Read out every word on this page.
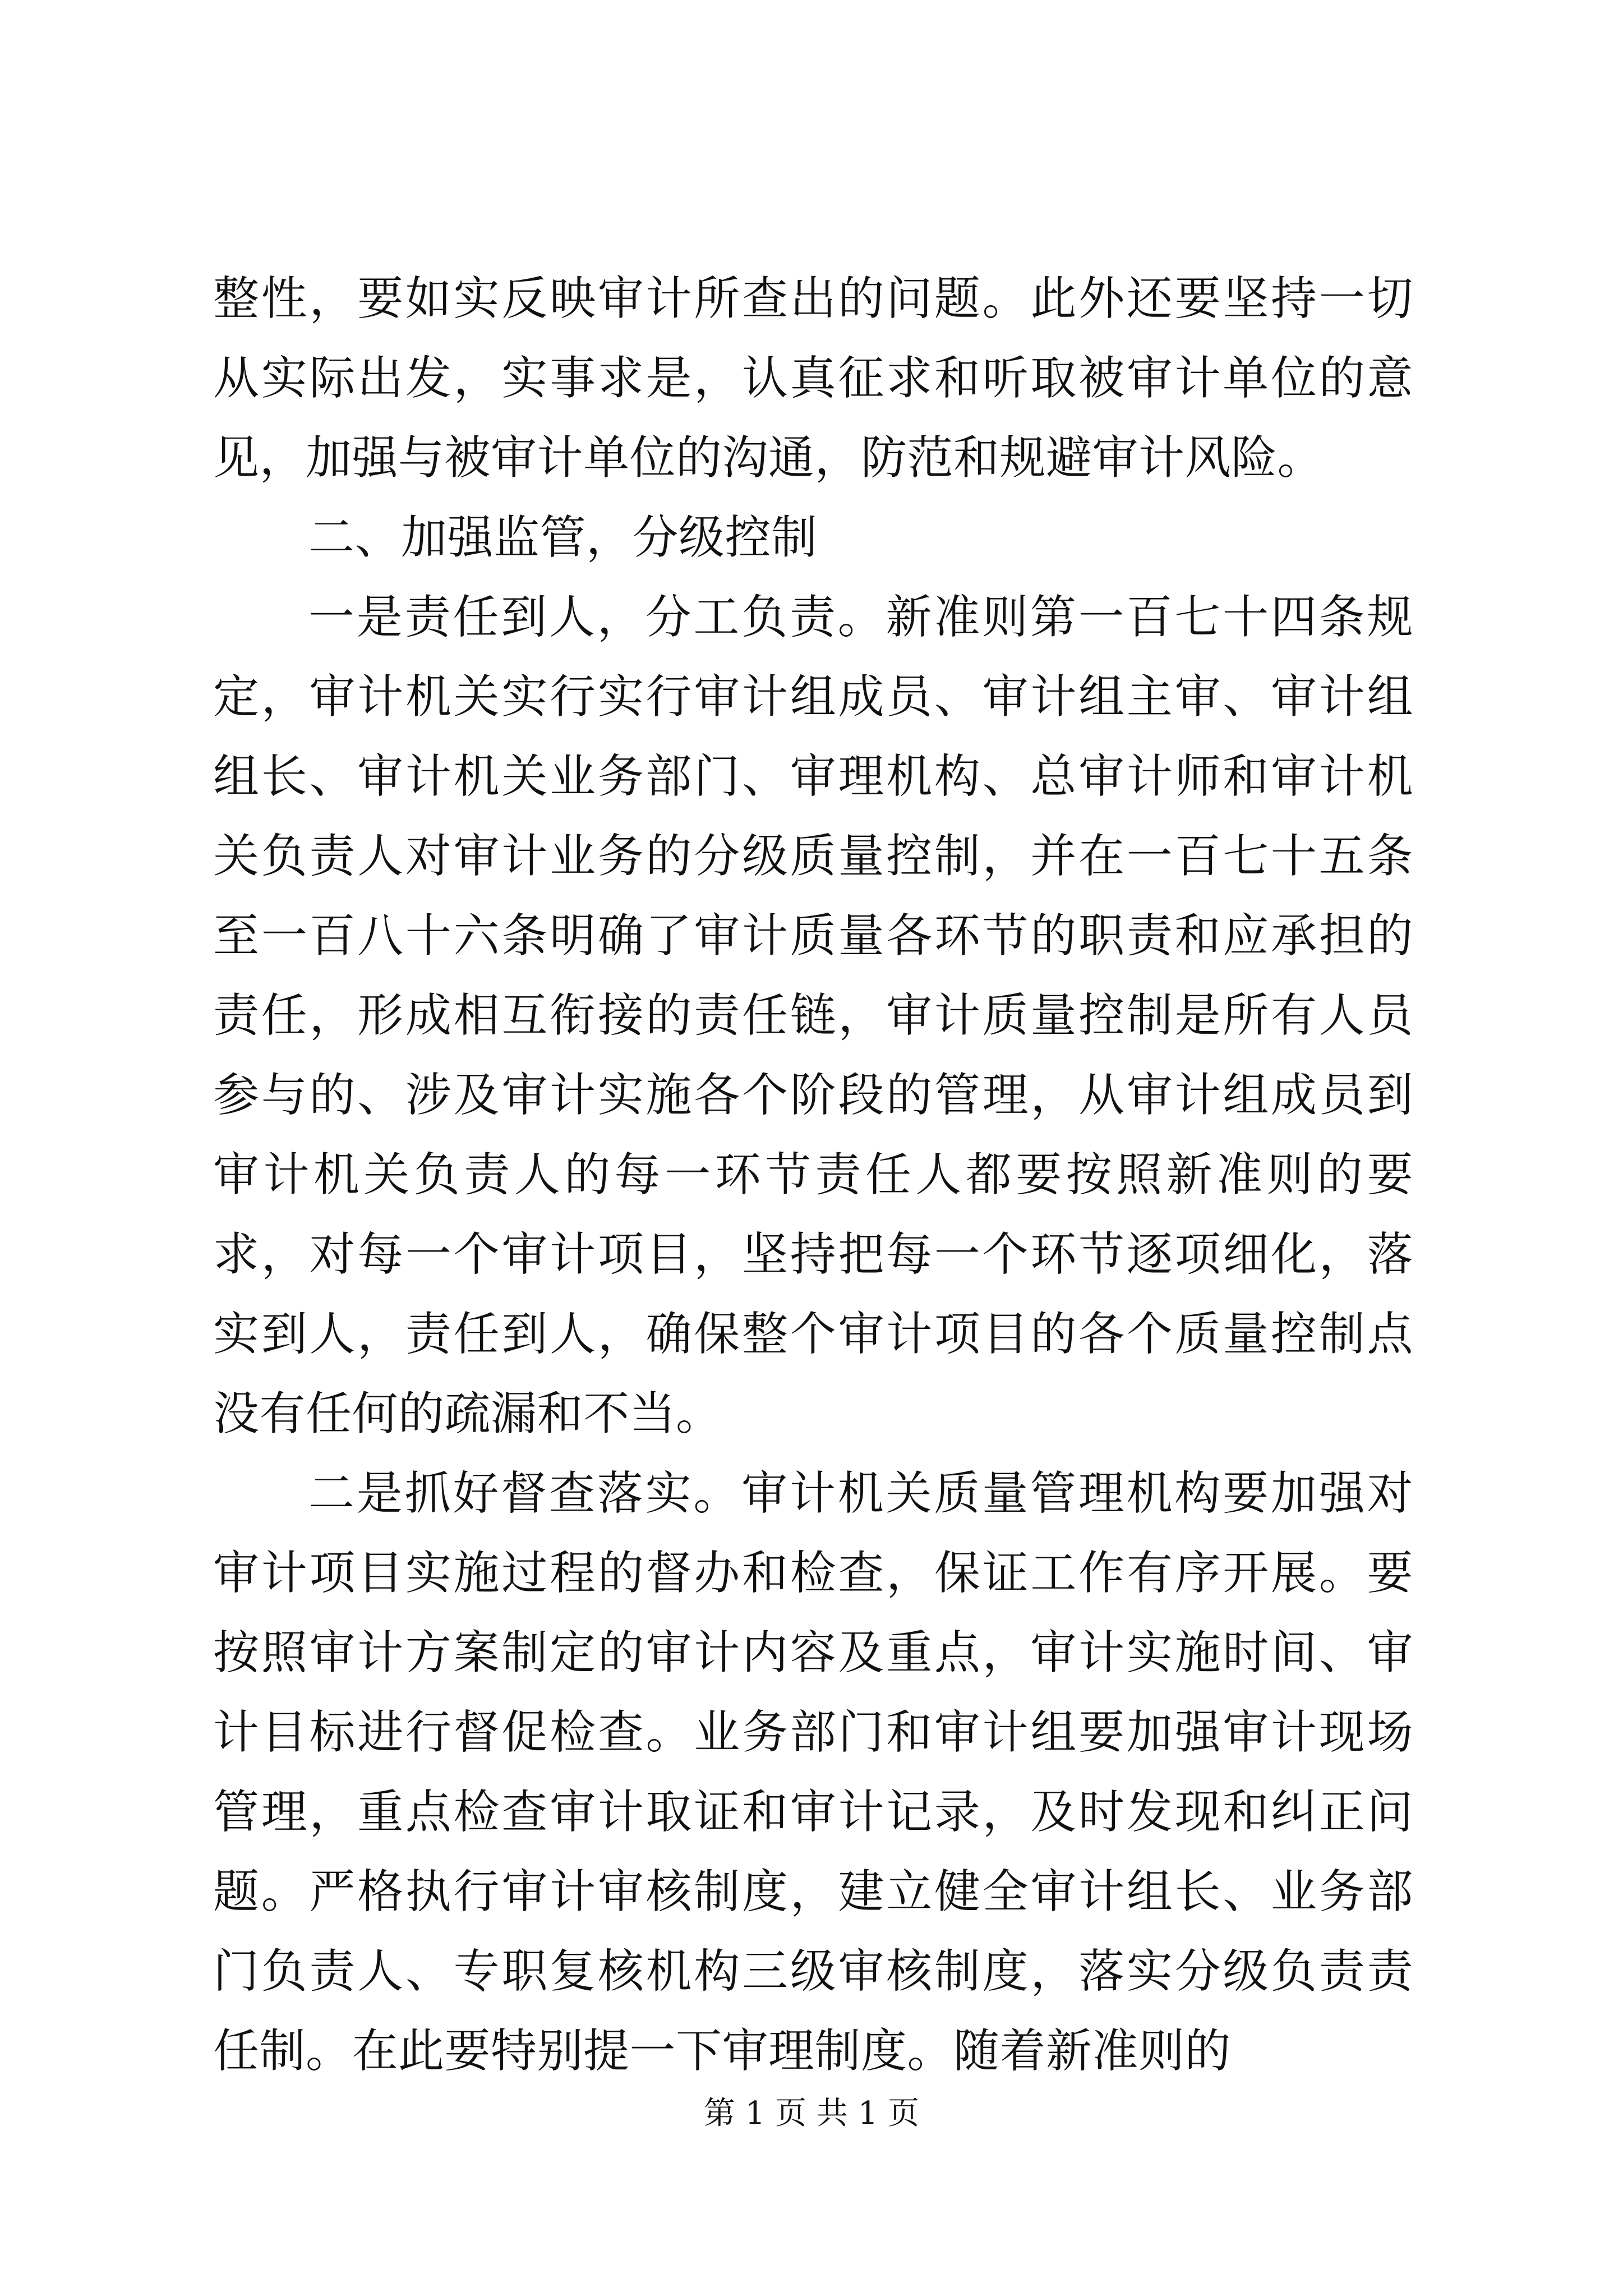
整性，要如实反映审计所查出的问题。此外还要坚持一切从实际出发，实事求是，认真征求和听取被审计单位的意见，加强与被审计单位的沟通，防范和规避审计风险。

二、加强监管，分级控制

一是责任到人，分工负责。新准则第一百七十四条规定，审计机关实行实行审计组成员、审计组主审、审计组组长、审计机关业务部门、审理机构、总审计师和审计机关负责人对审计业务的分级质量控制，并在一百七十五条至一百八十六条明确了审计质量各环节的职责和应承担的责任，形成相互衔接的责任链，审计质量控制是所有人员参与的、涉及审计实施各个阶段的管理，从审计组成员到审计机关负责人的每一环节责任人都要按照新准则的要求，对每一个审计项目，坚持把每一个环节逐项细化，落实到人，责任到人，确保整个审计项目的各个质量控制点没有任何的疏漏和不当。

二是抓好督查落实。审计机关质量管理机构要加强对审计项目实施过程的督办和检查，保证工作有序开展。要按照审计方案制定的审计内容及重点，审计实施时间、审计目标进行督促检查。业务部门和审计组要加强审计现场管理，重点检查审计取证和审计记录，及时发现和纠正问题。严格执行审计审核制度，建立健全审计组长、业务部门负责人、专职复核机构三级审核制度，落实分级负责责任制。在此要特别提一下审理制度。随着新准则的

第 1 页 共 1 页
